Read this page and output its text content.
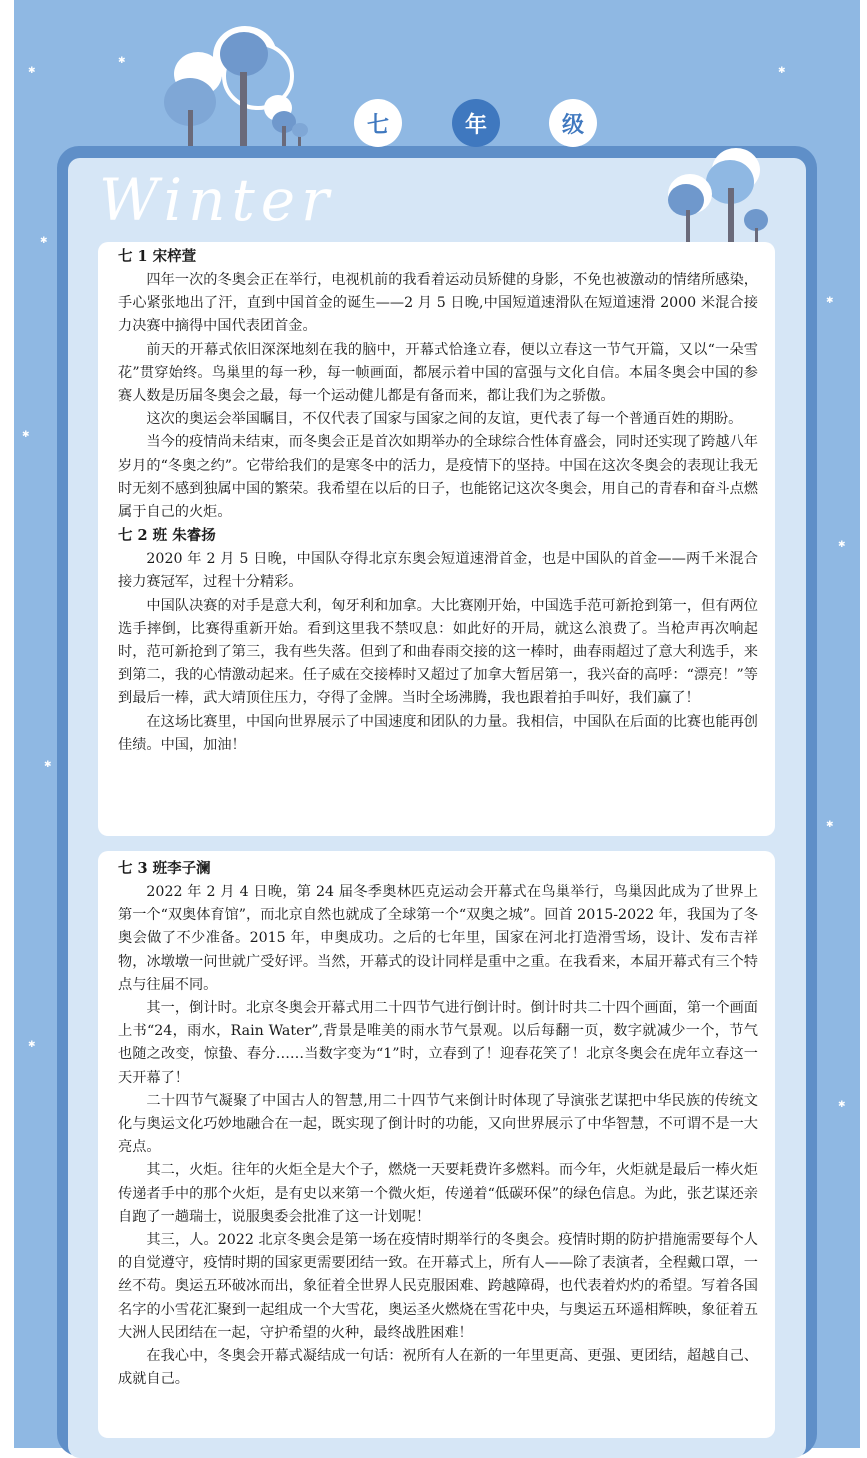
✱
✱
✱
✱
✱
✱
✱
✱
✱
✱
✱
七	年	级
Winter

七 1 宋梓萱

四年一次的冬奥会正在举行，电视机前的我看着运动员矫健的身影，不免也被激动的情绪所感染，手心紧张地出了汗，直到中国首金的诞生——2 月 5 日晚,中国短道速滑队在短道速滑 2000 米混合接力决赛中摘得中国代表团首金。

前天的开幕式依旧深深地刻在我的脑中，开幕式恰逢立春，便以立春这一节气开篇，又以“一朵雪花”贯穿始终。鸟巢里的每一秒，每一帧画面，都展示着中国的富强与文化自信。本届冬奥会中国的参赛人数是历届冬奥会之最，每一个运动健儿都是有备而来，都让我们为之骄傲。

这次的奥运会举国瞩目，不仅代表了国家与国家之间的友谊，更代表了每一个普通百姓的期盼。

当今的疫情尚未结束，而冬奥会正是首次如期举办的全球综合性体育盛会，同时还实现了跨越八年岁月的“冬奥之约”。它带给我们的是寒冬中的活力，是疫情下的坚持。中国在这次冬奥会的表现让我无时无刻不感到独属中国的繁荣。我希望在以后的日子，也能铭记这次冬奥会，用自己的青春和奋斗点燃属于自己的火炬。

七 2 班 朱睿扬

2020 年 2 月 5 日晚，中国队夺得北京东奥会短道速滑首金，也是中国队的首金——两千米混合接力赛冠军，过程十分精彩。

中国队决赛的对手是意大利，匈牙利和加拿。大比赛刚开始，中国选手范可新抢到第一，但有两位选手摔倒，比赛得重新开始。看到这里我不禁叹息：如此好的开局，就这么浪费了。当枪声再次响起时，范可新抢到了第三，我有些失落。但到了和曲春雨交接的这一棒时，曲春雨超过了意大利选手，来到第二，我的心情激动起来。任子威在交接棒时又超过了加拿大暂居第一，我兴奋的高呼：“漂亮！”等到最后一棒，武大靖顶住压力，夺得了金牌。当时全场沸腾，我也跟着拍手叫好，我们赢了！

在这场比赛里，中国向世界展示了中国速度和团队的力量。我相信，中国队在后面的比赛也能再创佳绩。中国，加油！

七 3 班李子澜

2022 年 2 月 4 日晚，第 24 届冬季奥林匹克运动会开幕式在鸟巢举行，鸟巢因此成为了世界上第一个“双奥体育馆”，而北京自然也就成了全球第一个“双奥之城”。回首 2015-2022 年，我国为了冬奥会做了不少准备。2015 年，申奥成功。之后的七年里，国家在河北打造滑雪场，设计、发布吉祥物，冰墩墩一问世就广受好评。当然，开幕式的设计同样是重中之重。在我看来，本届开幕式有三个特点与往届不同。

其一，倒计时。北京冬奥会开幕式用二十四节气进行倒计时。倒计时共二十四个画面，第一个画面上书“24，雨水，Rain Water”,背景是唯美的雨水节气景观。以后每翻一页，数字就减少一个，节气也随之改变，惊蛰、春分……当数字变为“1”时，立春到了！迎春花笑了！北京冬奥会在虎年立春这一天开幕了！

二十四节气凝聚了中国古人的智慧,用二十四节气来倒计时体现了导演张艺谋把中华民族的传统文化与奥运文化巧妙地融合在一起，既实现了倒计时的功能，又向世界展示了中华智慧，不可谓不是一大亮点。

其二，火炬。往年的火炬全是大个子，燃烧一天要耗费许多燃料。而今年，火炬就是最后一棒火炬传递者手中的那个火炬，是有史以来第一个微火炬，传递着“低碳环保”的绿色信息。为此，张艺谋还亲自跑了一趟瑞士，说服奥委会批准了这一计划呢！

其三，人。2022 北京冬奥会是第一场在疫情时期举行的冬奥会。疫情时期的防护措施需要每个人的自觉遵守，疫情时期的国家更需要团结一致。在开幕式上，所有人——除了表演者，全程戴口罩，一丝不苟。奥运五环破冰而出，象征着全世界人民克服困难、跨越障碍，也代表着灼灼的希望。写着各国名字的小雪花汇聚到一起组成一个大雪花，奥运圣火燃烧在雪花中央，与奥运五环遥相辉映，象征着五大洲人民团结在一起，守护希望的火种，最终战胜困难！

在我心中，冬奥会开幕式凝结成一句话：祝所有人在新的一年里更高、更强、更团结，超越自己、成就自己。
